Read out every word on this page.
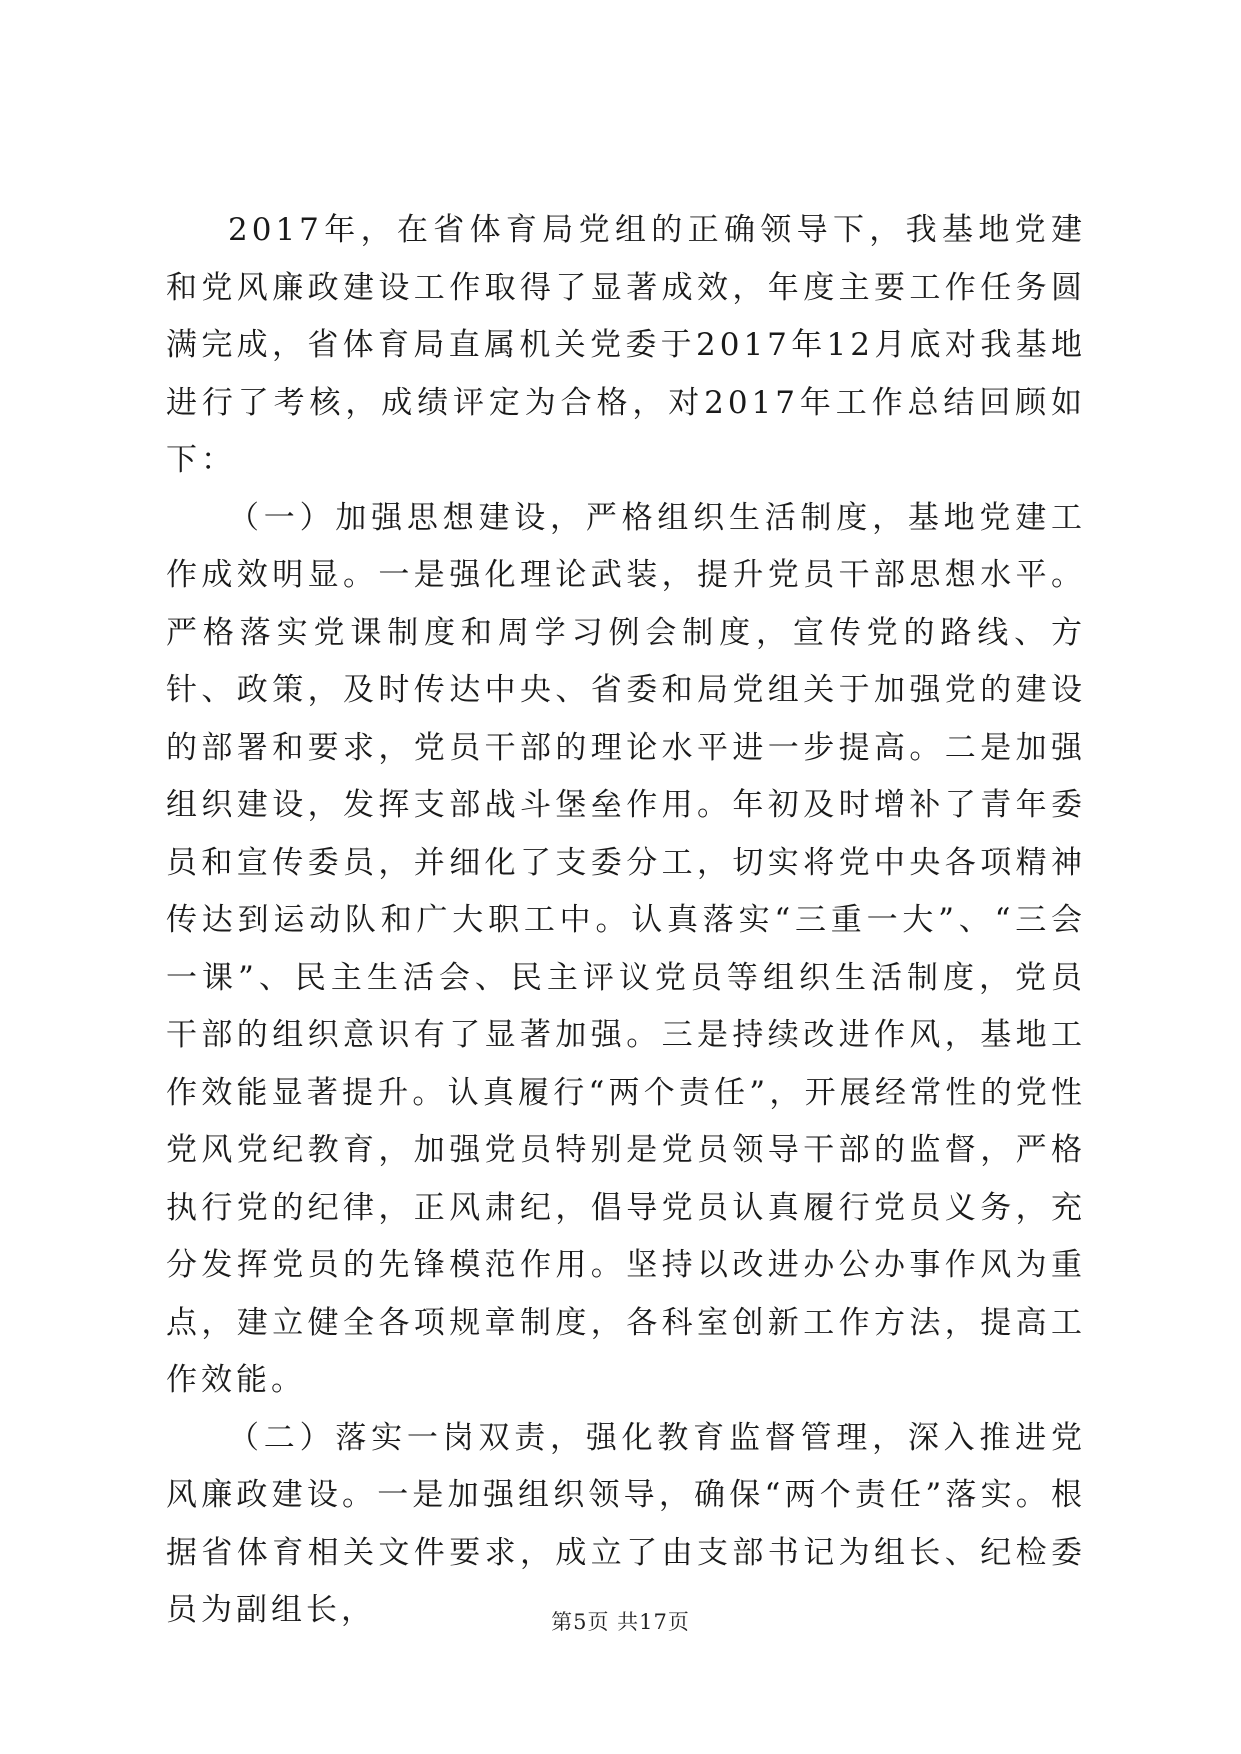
2017年，在省体育局党组的正确领导下，我基地党建和党风廉政建设工作取得了显著成效，年度主要工作任务圆满完成，省体育局直属机关党委于2017年12月底对我基地进行了考核，成绩评定为合格，对2017年工作总结回顾如下：

（一）加强思想建设，严格组织生活制度，基地党建工作成效明显。一是强化理论武装，提升党员干部思想水平。严格落实党课制度和周学习例会制度，宣传党的路线、方针、政策，及时传达中央、省委和局党组关于加强党的建设的部署和要求，党员干部的理论水平进一步提高。二是加强组织建设，发挥支部战斗堡垒作用。年初及时增补了青年委员和宣传委员，并细化了支委分工，切实将党中央各项精神传达到运动队和广大职工中。认真落实“三重一大”、“三会一课”、民主生活会、民主评议党员等组织生活制度，党员干部的组织意识有了显著加强。三是持续改进作风，基地工作效能显著提升。认真履行“两个责任”，开展经常性的党性党风党纪教育，加强党员特别是党员领导干部的监督，严格执行党的纪律，正风肃纪，倡导党员认真履行党员义务，充分发挥党员的先锋模范作用。坚持以改进办公办事作风为重点，建立健全各项规章制度，各科室创新工作方法，提高工作效能。

（二）落实一岗双责，强化教育监督管理，深入推进党风廉政建设。一是加强组织领导，确保“两个责任”落实。根据省体育相关文件要求，成立了由支部书记为组长、纪检委员为副组长，	第5页 共17页
